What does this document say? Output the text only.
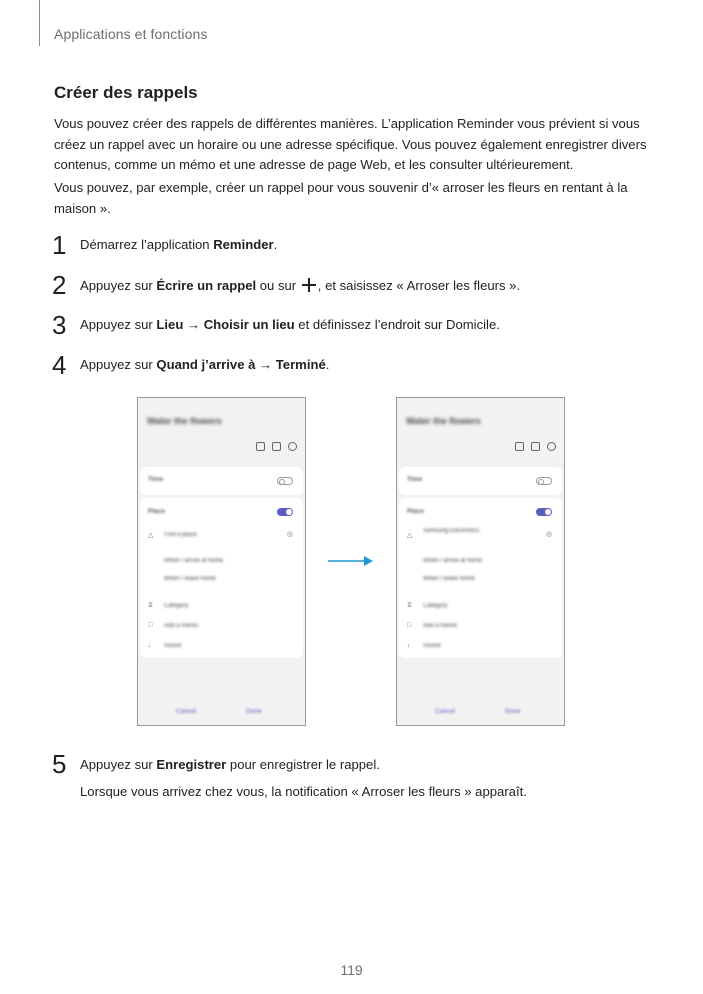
Applications et fonctions
Créer des rappels

Vous pouvez créer des rappels de différentes manières. L’application Reminder vous prévient si vous créez un rappel avec un horaire ou une adresse spécifique. Vous pouvez également enregistrer divers contenus, comme un mémo et une adresse de page Web, et les consulter ultérieurement.

Vous pouvez, par exemple, créer un rappel pour vous souvenir d’« arroser les fleurs en rentant à la maison ».

1 Démarrez l’application Reminder.
2 Appuyez sur Écrire un rappel ou sur , et saisissez « Arroser les fleurs ».
3 Appuyez sur Lieu → Choisir un lieu et définissez l’endroit sur Domicile.
4 Appuyez sur Quand j’arrive à → Terminé.
Water the flowers
Time
Place
△ Find a place	◎
When I arrive at home
When I leave home
⧖ Category
□ Add a memo
♩ Sound
Cancel	Done
Water the flowers
Time
Place
△
Samsung Electronics	◎
When I arrive at home
When I leave home
⧖ Category
□ Add a memo
♩ Sound
Cancel	Done
5 Appuyez sur Enregistrer pour enregistrer le rappel.
Lorsque vous arrivez chez vous, la notification « Arroser les fleurs » apparaît.
119
